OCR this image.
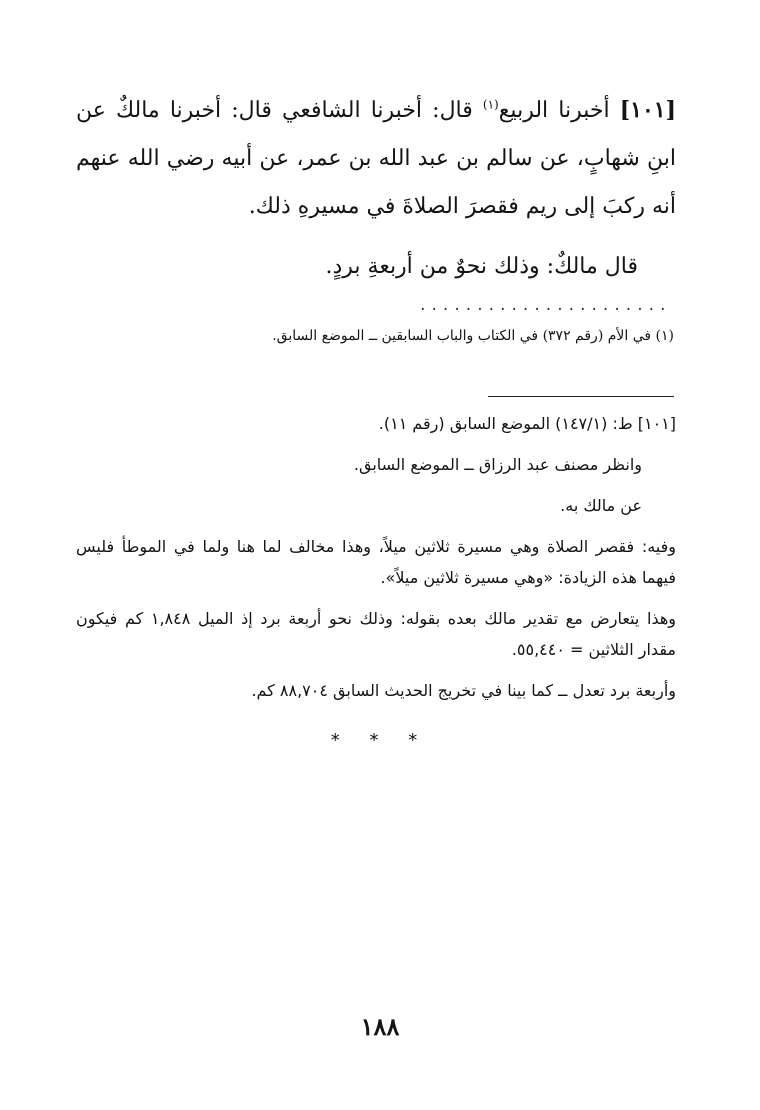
[١٠١] أخبرنا الربيع$^{(١)}$ قال: أخبرنا الشافعي قال: أخبرنا مالكٌ عن ابنِ شهابٍ، عن سالم بن عبد الله بن عمر، عن أبيه رضي الله عنهم أنه ركبَ إلى ريم فقصرَ الصلاةَ في مسيرهِ ذلك.

قال مالكٌ: وذلك نحوٌ من أربعةِ بردٍ.

......................

(١) في الأم (رقم ٣٧٢) في الكتاب والباب السابقين ــ الموضع السابق.

[١٠١] ط: (١٤٧/١) الموضع السابق (رقم ١١).

وانظر مصنف عبد الرزاق ــ الموضع السابق.

عن مالك به.

وفيه: فقصر الصلاة وهي مسيرة ثلاثين ميلاً، وهذا مخالف لما هنا ولما في الموطأ فليس فيهما هذه الزيادة: «وهي مسيرة ثلاثين ميلاً».

وهذا يتعارض مع تقدير مالك بعده بقوله: وذلك نحو أربعة برد إذ الميل ١,٨٤٨ كم فيكون مقدار الثلاثين = ٥٥,٤٤٠.

وأربعة برد تعدل ــ كما بينا في تخريج الحديث السابق ٨٨,٧٠٤ كم.

* * *
١٨٨
